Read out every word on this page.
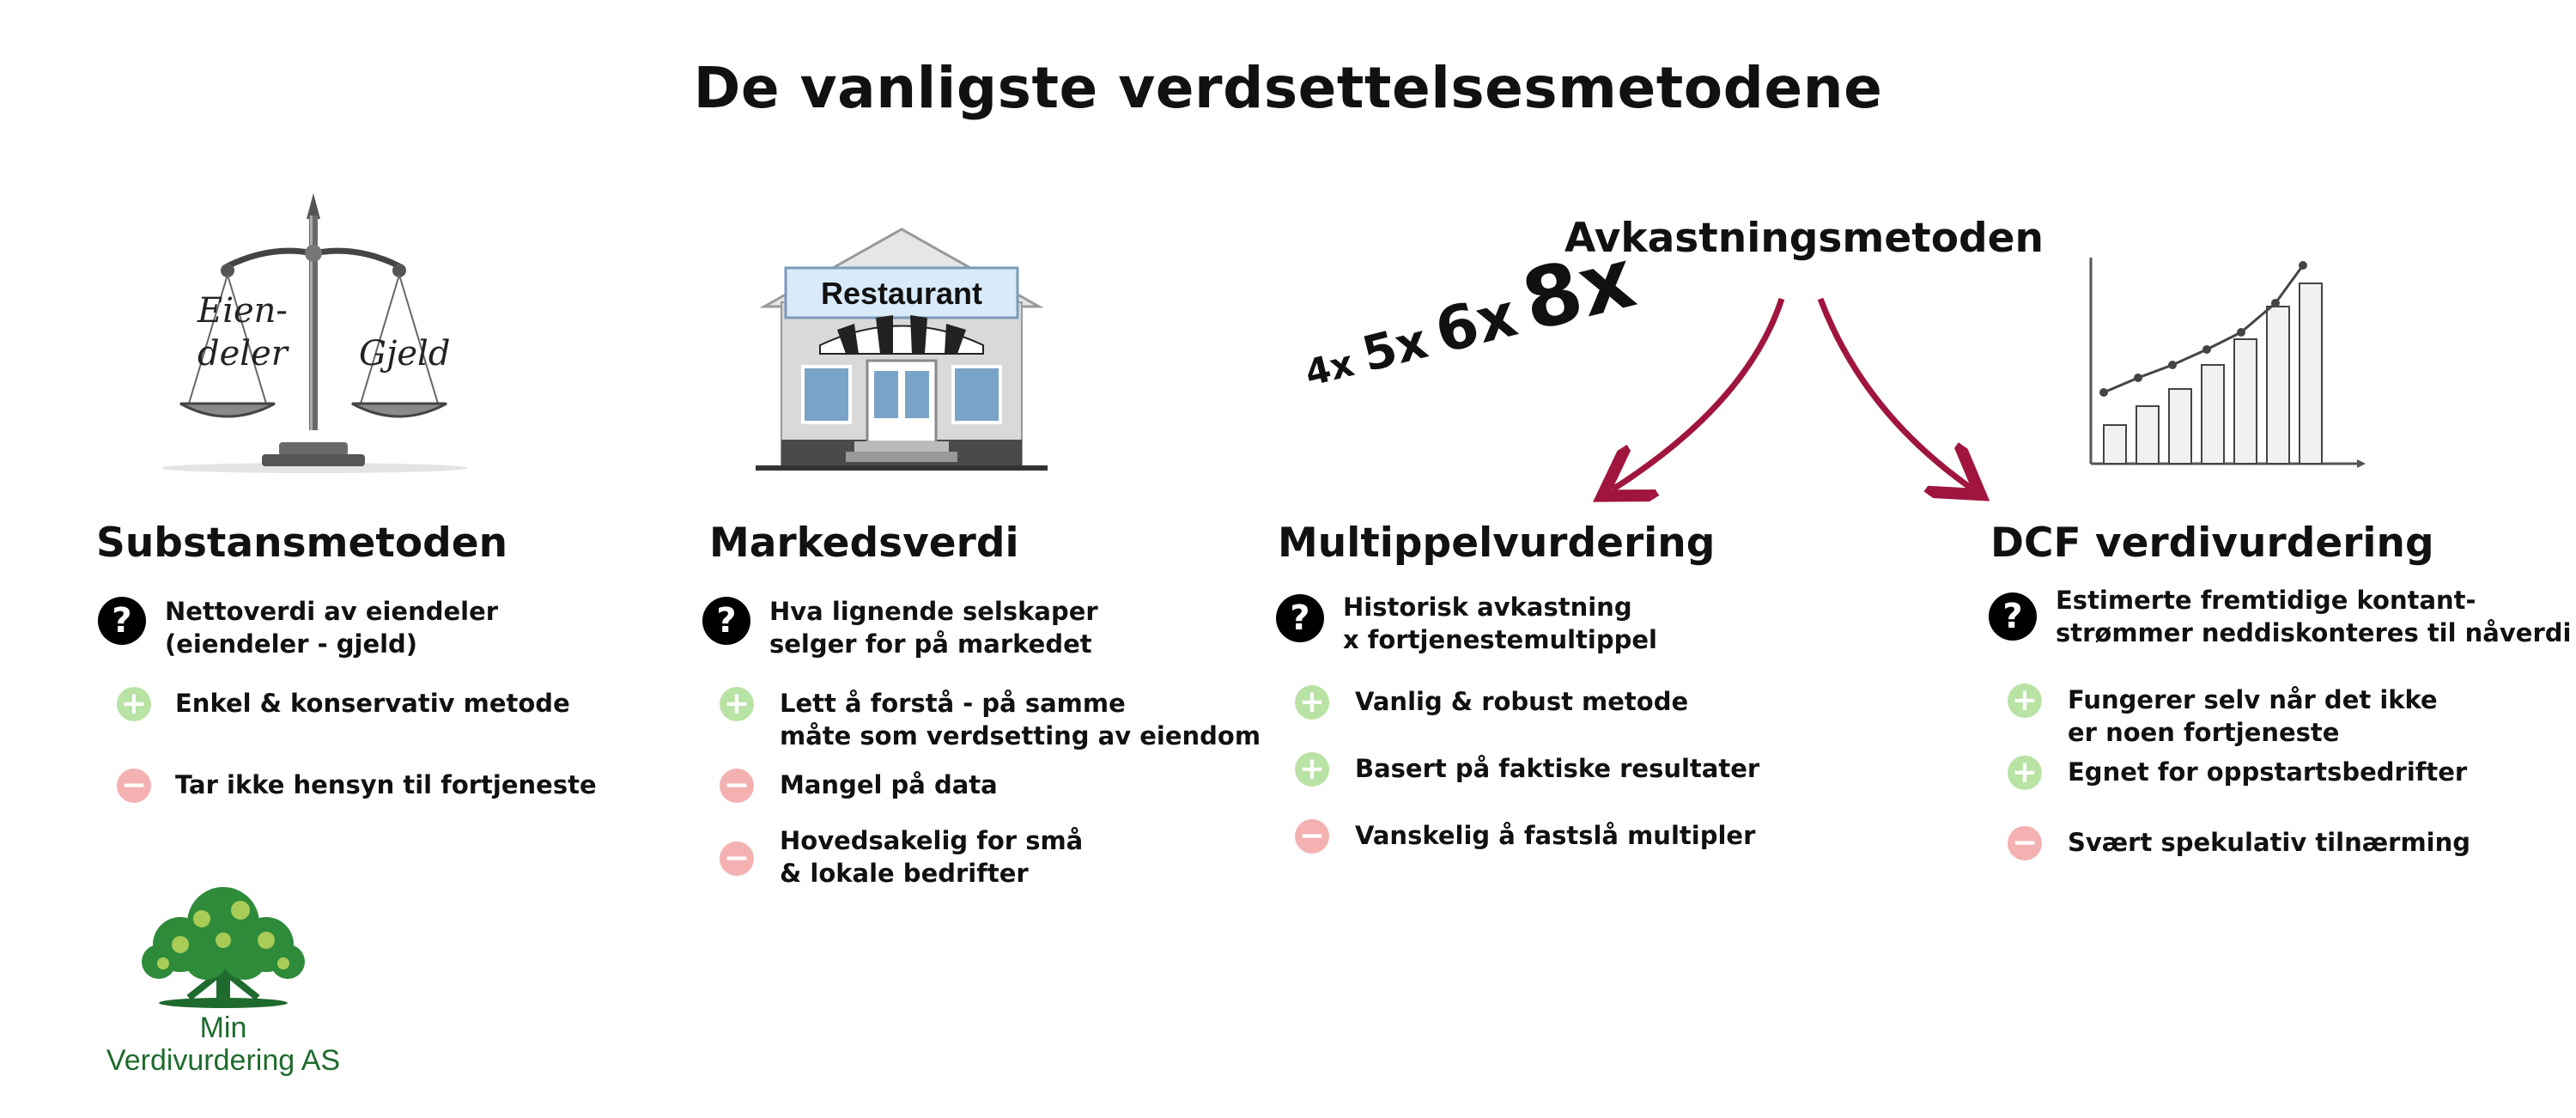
De vanligste verdsettelsesmetodene
Eien-
deler Gjeld
Restaurant
4x5x6x8x
Avkastningsmetoden
Substansmetoden
?	Nettoverdi av eiendeler
(eiendeler - gjeld)
+ Enkel & konservativ metode
− Tar ikke hensyn til fortjeneste
Markedsverdi
?	Hva lignende selskaper
selger for på markedet
+ Lett å forstå - på samme
måte som verdsetting av eiendom
− Mangel på data
− Hovedsakelig for små
& lokale bedrifter
Multippelvurdering
?	Historisk avkastning
x fortjenestemultippel
+ Vanlig & robust metode
+ Basert på faktiske resultater
− Vanskelig å fastslå multipler
DCF verdivurdering
?	Estimerte fremtidige kontant-
strømmer neddiskonteres til nåverdi
+ Fungerer selv når det ikke
er noen fortjeneste
+ Egnet for oppstartsbedrifter
− Svært spekulativ tilnærming
Min
Verdivurdering AS
